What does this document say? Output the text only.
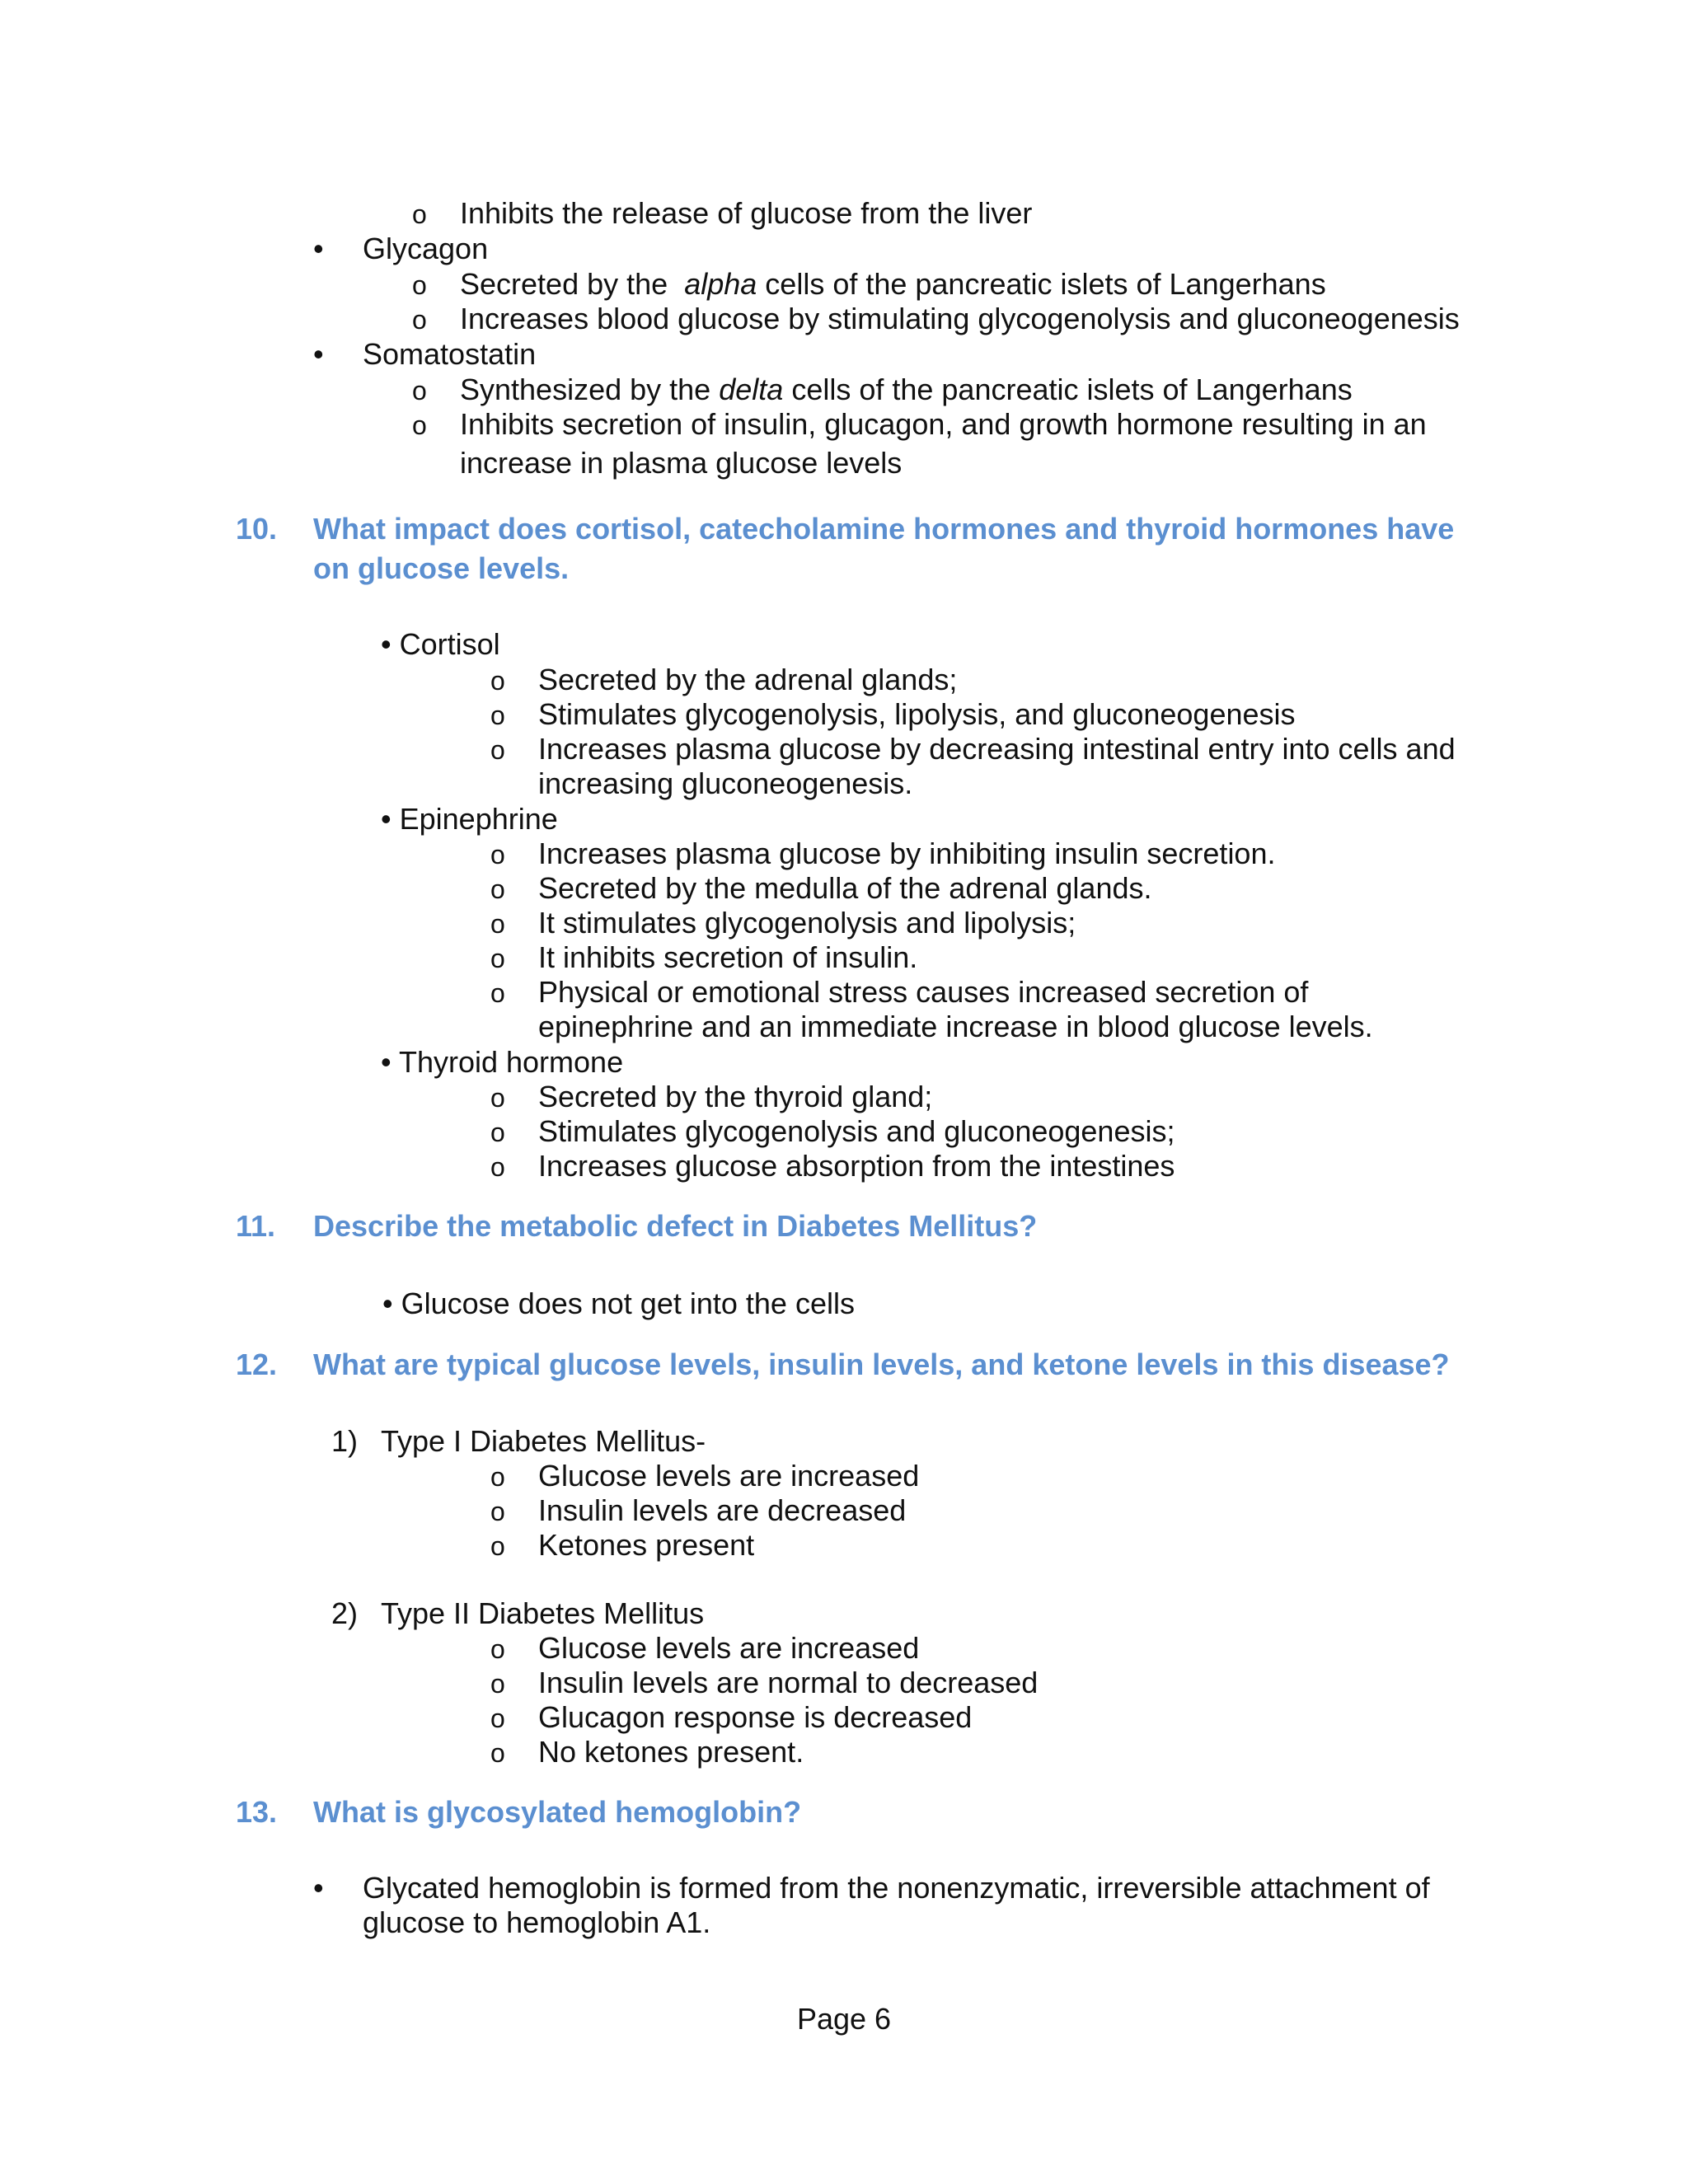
o
Inhibits the release of glucose from the liver
•
Glycagon
o
Secreted by the alpha cells of the pancreatic islets of Langerhans
o
Increases blood glucose by stimulating glycogenolysis and gluconeogenesis
•
Somatostatin
o
Synthesized by the delta cells of the pancreatic islets of Langerhans
o
Inhibits secretion of insulin, glucagon, and growth hormone resulting in an
increase in plasma glucose levels
10. What impact does cortisol, catecholamine hormones and thyroid hormones have
on glucose levels.
• Cortisol
o
Secreted by the adrenal glands;
o
Stimulates glycogenolysis, lipolysis, and gluconeogenesis
o
Increases plasma glucose by decreasing intestinal entry into cells and
increasing gluconeogenesis.
• Epinephrine
o
Increases plasma glucose by inhibiting insulin secretion.
o
Secreted by the medulla of the adrenal glands.
o
It stimulates glycogenolysis and lipolysis;
o
It inhibits secretion of insulin.
o
Physical or emotional stress causes increased secretion of
epinephrine and an immediate increase in blood glucose levels.
• Thyroid hormone
o
Secreted by the thyroid gland;
o
Stimulates glycogenolysis and gluconeogenesis;
o
Increases glucose absorption from the intestines
11. Describe the metabolic defect in Diabetes Mellitus?
• Glucose does not get into the cells
12. What are typical glucose levels, insulin levels, and ketone levels in this disease?
1) Type I Diabetes Mellitus-
o
Glucose levels are increased
o
Insulin levels are decreased
o
Ketones present
2) Type II Diabetes Mellitus
o
Glucose levels are increased
o
Insulin levels are normal to decreased
o
Glucagon response is decreased
o
No ketones present.
13. What is glycosylated hemoglobin?
•
Glycated hemoglobin is formed from the nonenzymatic, irreversible attachment of
glucose to hemoglobin A1.
Page 6
